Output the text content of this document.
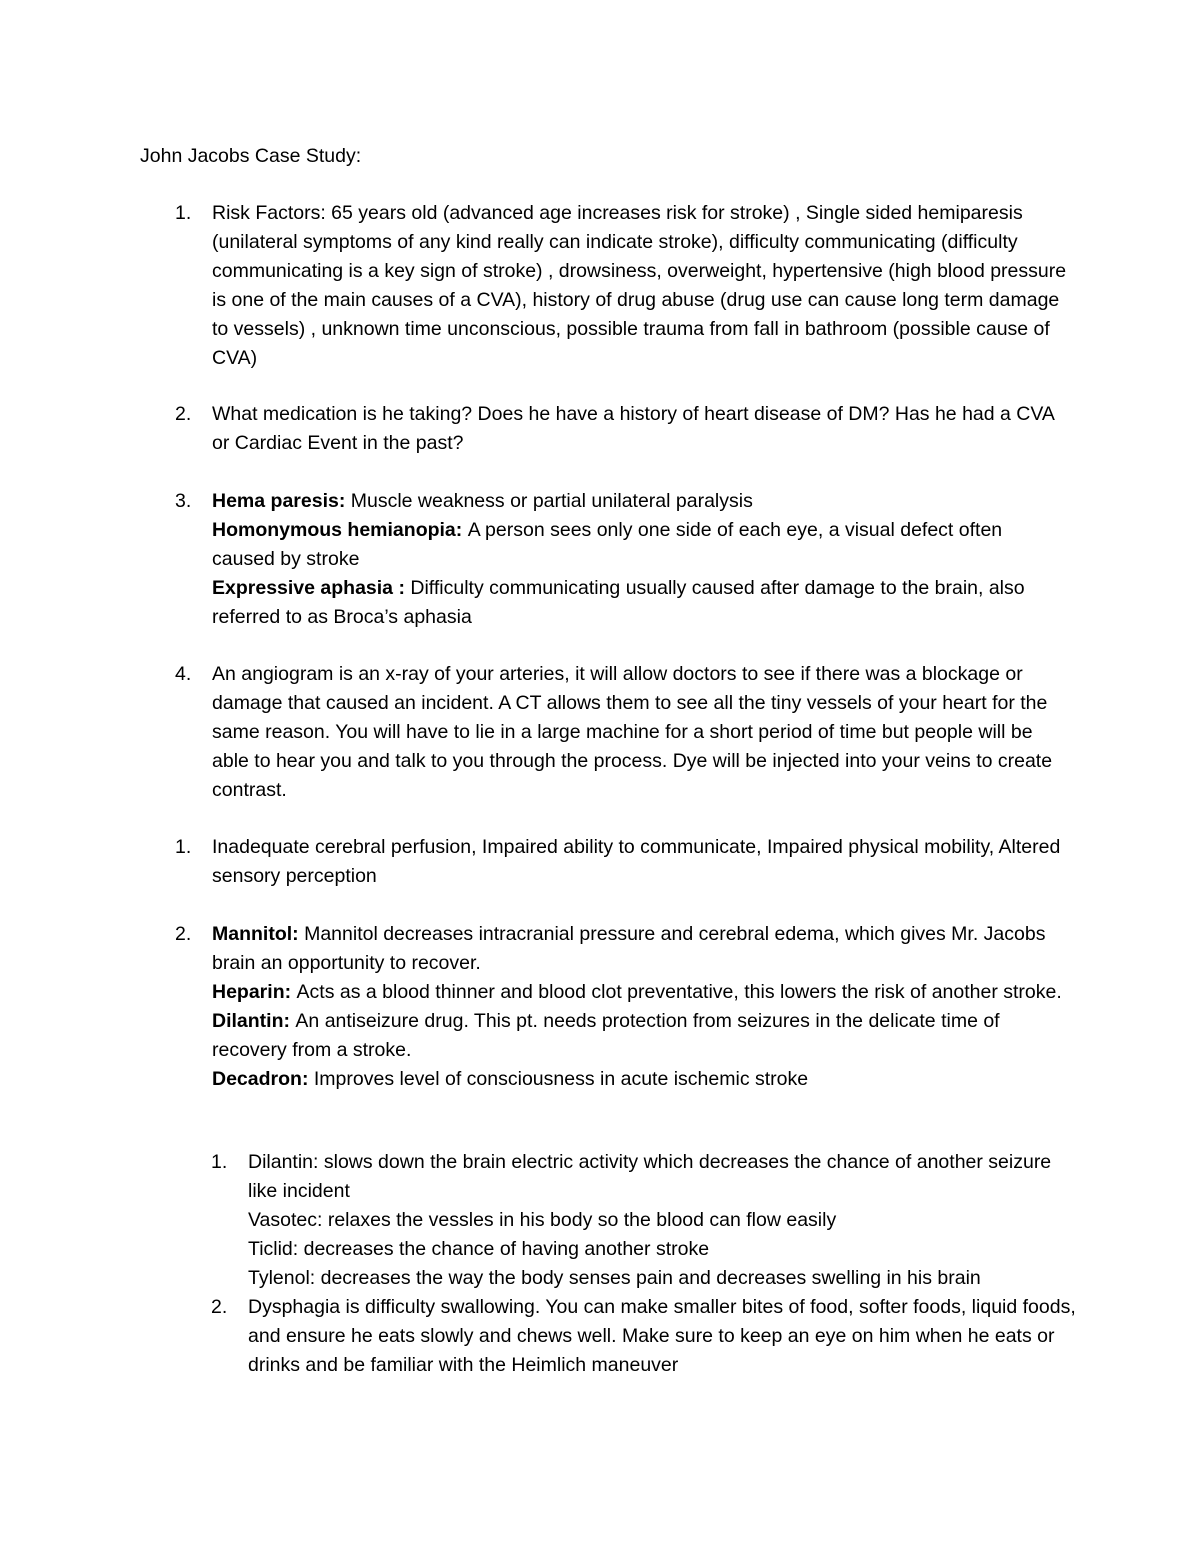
John Jacobs Case Study:
1.	Risk Factors: 65 years old (advanced age increases risk for stroke) , Single sided hemiparesis (unilateral symptoms of any kind really can indicate stroke), difficulty communicating (difficulty communicating is a key sign of stroke) , drowsiness, overweight, hypertensive (high blood pressure is one of the main causes of a CVA), history of drug abuse (drug use can cause long term damage to vessels) , unknown time unconscious, possible trauma from fall in bathroom (possible cause of CVA)

2.	What medication is he taking? Does he have a history of heart disease of DM? Has he had a CVA or Cardiac Event in the past?

3.	Hema paresis: Muscle weakness or partial unilateral paralysis

Homonymous hemianopia: A person sees only one side of each eye, a visual defect often caused by stroke

Expressive aphasia : Difficulty communicating usually caused after damage to the brain, also referred to as Broca’s aphasia

4.	An angiogram is an x-ray of your arteries, it will allow doctors to see if there was a blockage or damage that caused an incident. A CT allows them to see all the tiny vessels of your heart for the same reason. You will have to lie in a large machine for a short period of time but people will be able to hear you and talk to you through the process. Dye will be injected into your veins to create contrast.

1.	Inadequate cerebral perfusion, Impaired ability to communicate, Impaired physical mobility, Altered sensory perception

2.	Mannitol: Mannitol decreases intracranial pressure and cerebral edema, which gives Mr. Jacobs brain an opportunity to recover.

Heparin: Acts as a blood thinner and blood clot preventative, this lowers the risk of another stroke.

Dilantin: An antiseizure drug. This pt. needs protection from seizures in the delicate time of recovery from a stroke.

Decadron: Improves level of consciousness in acute ischemic stroke

1.	Dilantin: slows down the brain electric activity which decreases the chance of another seizure like incident

Vasotec: relaxes the vessles in his body so the blood can flow easily

Ticlid: decreases the chance of having another stroke

Tylenol: decreases the way the body senses pain and decreases swelling in his brain

2.	Dysphagia is difficulty swallowing. You can make smaller bites of food, softer foods, liquid foods, and ensure he eats slowly and chews well. Make sure to keep an eye on him when he eats or drinks and be familiar with the Heimlich maneuver
